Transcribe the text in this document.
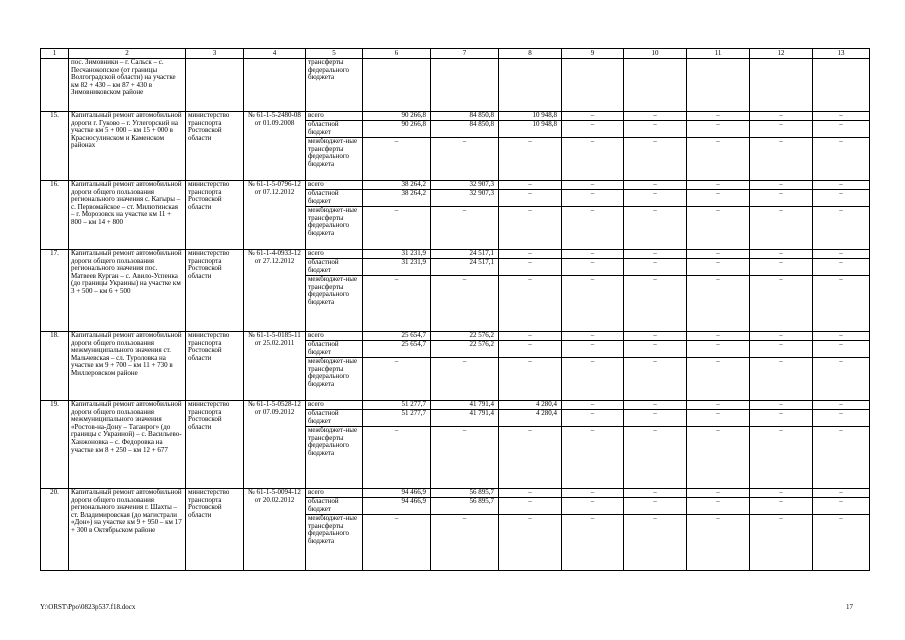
1	2	3	4	5	6	7	8	9	10	11	12	13
	пос. Зимовники – г. Сальск – с. Песчанокопское (от границы Волгоградской области) на участке км 82 + 430 – км 87 + 430 в Зимовниковском районе			трансферты федерального бюджета								
15.	Капитальный ремонт автомобильной дороги г. Гуково – г. Углегорский на участке км 5 + 000 – км 15 + 000 в Красносулинском и Каменском районах	министерство транспорта Ростовской области	№ 61-1-5-2480-08 от 01.09.2008	всего	90 266,8	84 850,8	10 948,8	–	–	–	–	–
				областной бюджет	90 266,8	84 850,8	10 948,8	–	–	–	–	–
				межбюджет-ные трансферты федерального бюджета	–	–	–	–	–	–	–	–
16.	Капитальный ремонт автомобильной дороги общего пользования регионального значения с. Кагыры – с. Первомайское – ст. Милютинская – г. Морозовск на участке км 11 + 800 – км 14 + 800	министерство транспорта Ростовской области	№ 61-1-5-0796-12 от 07.12.2012	всего	38 264,2	32 907,3	–	–	–	–	–	–
				областной бюджет	38 264,2	32 907,3	–	–	–	–	–	–
				межбюджет-ные трансферты федерального бюджета	–	–	–	–	–	–	–	–
17.	Капитальный ремонт автомобильной дороги общего пользования регионального значения пос. Матвеев Курган – с. Авило-Успенка (до границы Украины) на участке км 3 + 500 – км 6 + 500	министерство транспорта Ростовской области	№ 61-1-4-0933-12 от 27.12.2012	всего	31 231,9	24 517,1	–	–	–	–	–	–
				областной бюджет	31 231,9	24 517,1	–	–	–	–	–	–
				межбюджет-ные трансферты федерального бюджета	–	–	–	–	–	–	–	–
18.	Капитальный ремонт автомобильной дороги общего пользования межмуниципального значения ст. Мальчевская – сл. Туроловка на участке км 9 + 700 – км 11 + 730 в Миллеровском районе	министерство транспорта Ростовской области	№ 61-1-5-0185-11 от 25.02.2011	всего	25 654,7	22 576,2	–	–	–	–	–	–
				областной бюджет	25 654,7	22 576,2	–	–	–	–	–	–
				межбюджет-ные трансферты федерального бюджета	–	–	–	–	–	–	–	–
19.	Капитальный ремонт автомобильной дороги общего пользования межмуниципального значения «Ростов-на-Дону – Таганрог» (до границы с Украиной) – с. Васильево-Ханжоновка – с. Федоровка на участке км 8 + 250 – км 12 + 677	министерство транспорта Ростовской области	№ 61-1-5-0528-12 от 07.09.2012	всего	51 277,7	41 791,4	4 280,4	–	–	–	–	–
				областной бюджет	51 277,7	41 791,4	4 280,4	–	–	–	–	–
				межбюджет-ные трансферты федерального бюджета	–	–	–	–	–	–	–	–
20.	Капитальный ремонт автомобильной дороги общего пользования регионального значения г. Шахты – ст. Владимировская (до магистрали «Дон») на участке км 9 + 950 – км 17 + 300 в Октябрьском районе	министерство транспорта Ростовской области	№ 61-1-5-0094-12 от 20.02.2012	всего	94 466,9	56 895,7	–	–	–	–	–	–
				областной бюджет	94 466,9	56 895,7	–	–	–	–	–	–
				межбюджет-ные трансферты федерального бюджета	–	–	–	–	–	–	–	–
Y:\ORST\Ppo\0823p537.f18.docx	17
